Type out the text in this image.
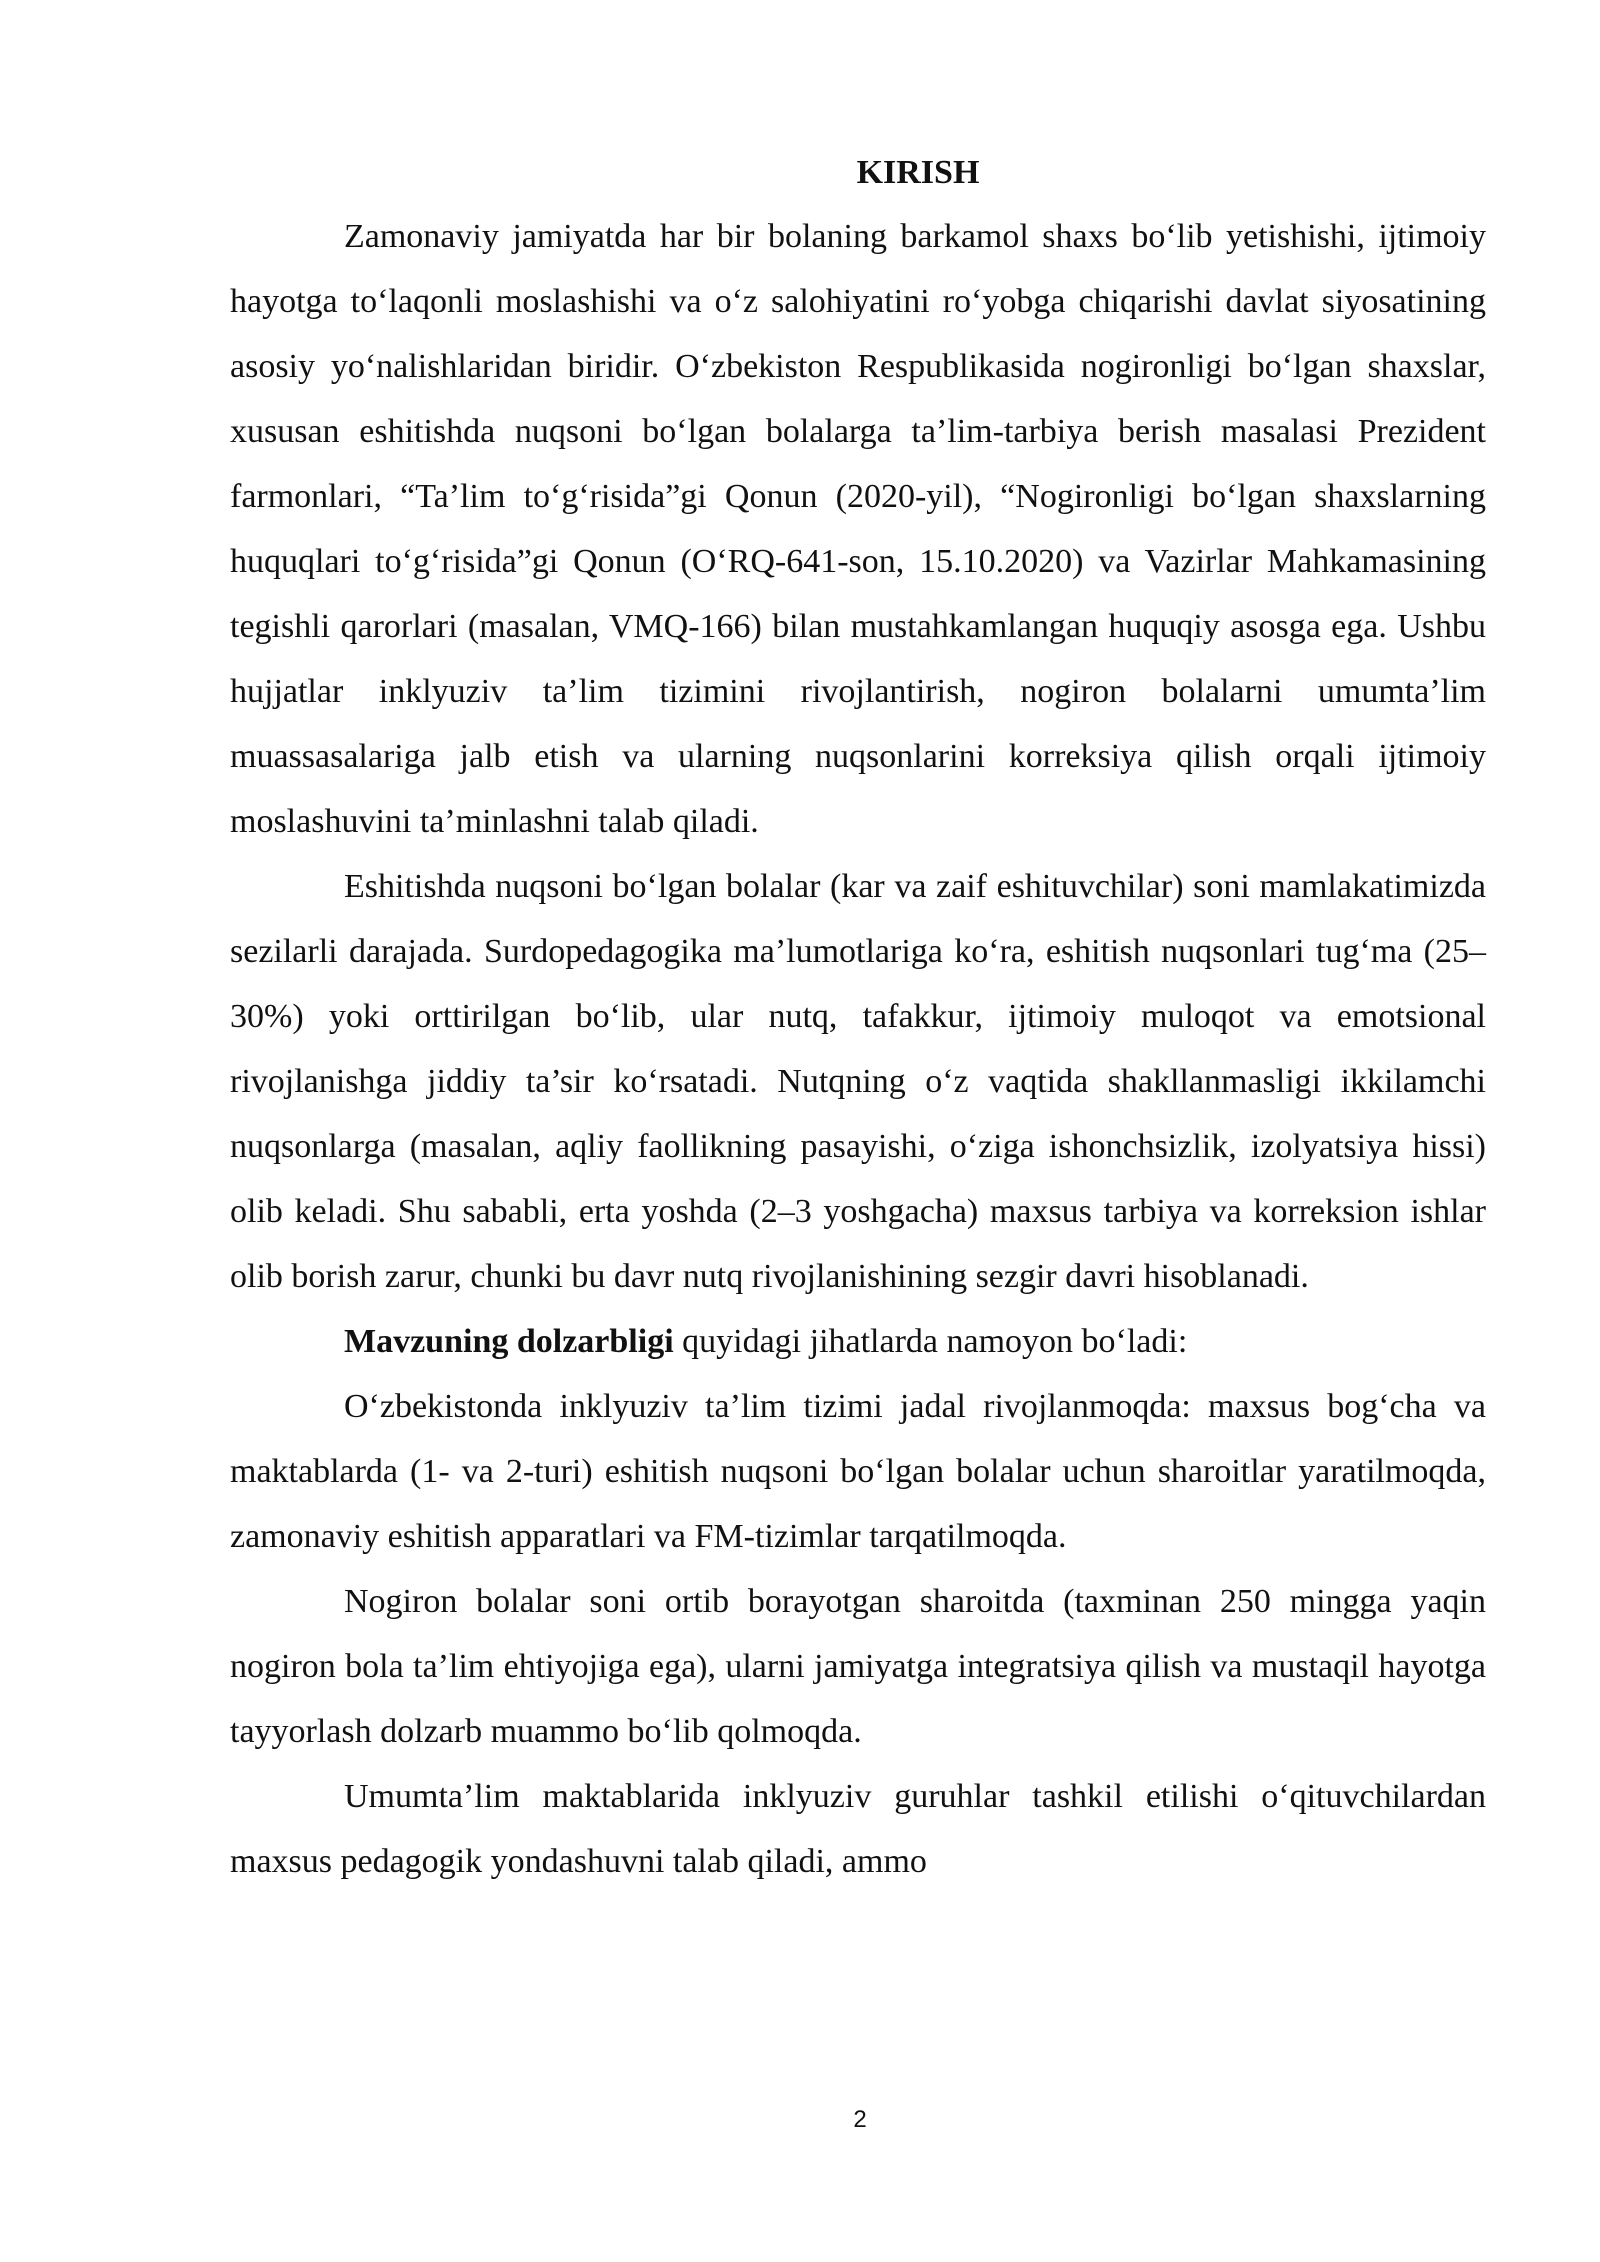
KIRISH

Zamonaviy jamiyatda har bir bolaning barkamol shaxs bo‘lib yetishishi, ijtimoiy hayotga to‘laqonli moslashishi va o‘z salohiyatini ro‘yobga chiqarishi davlat siyosatining asosiy yo‘nalishlaridan biridir. O‘zbekiston Respublikasida nogironligi bo‘lgan shaxslar, xususan eshitishda nuqsoni bo‘lgan bolalarga ta’lim-tarbiya berish masalasi Prezident farmonlari, “Ta’lim to‘g‘risida”gi Qonun (2020-yil), “Nogironligi bo‘lgan shaxslarning huquqlari to‘g‘risida”gi Qonun (O‘RQ-641-son, 15.10.2020) va Vazirlar Mahkamasining tegishli qarorlari (masalan, VMQ-166) bilan mustahkamlangan huquqiy asosga ega. Ushbu hujjatlar inklyuziv ta’lim tizimini rivojlantirish, nogiron bolalarni umumta’lim muassasalariga jalb etish va ularning nuqsonlarini korreksiya qilish orqali ijtimoiy moslashuvini ta’minlashni talab qiladi.

Eshitishda nuqsoni bo‘lgan bolalar (kar va zaif eshituvchilar) soni mamlakatimizda sezilarli darajada. Surdopedagogika ma’lumotlariga ko‘ra, eshitish nuqsonlari tug‘ma (25–30%) yoki orttirilgan bo‘lib, ular nutq, tafakkur, ijtimoiy muloqot va emotsional rivojlanishga jiddiy ta’sir ko‘rsatadi. Nutqning o‘z vaqtida shakllanmasligi ikkilamchi nuqsonlarga (masalan, aqliy faollikning pasayishi, o‘ziga ishonchsizlik, izolyatsiya hissi) olib keladi. Shu sababli, erta yoshda (2–3 yoshgacha) maxsus tarbiya va korreksion ishlar olib borish zarur, chunki bu davr nutq rivojlanishining sezgir davri hisoblanadi.

Mavzuning dolzarbligi quyidagi jihatlarda namoyon bo‘ladi:

O‘zbekistonda inklyuziv ta’lim tizimi jadal rivojlanmoqda: maxsus bog‘cha va maktablarda (1- va 2-turi) eshitish nuqsoni bo‘lgan bolalar uchun sharoitlar yaratilmoqda, zamonaviy eshitish apparatlari va FM-tizimlar tarqatilmoqda.

Nogiron bolalar soni ortib borayotgan sharoitda (taxminan 250 mingga yaqin nogiron bola ta’lim ehtiyojiga ega), ularni jamiyatga integratsiya qilish va mustaqil hayotga tayyorlash dolzarb muammo bo‘lib qolmoqda.

Umumta’lim maktablarida inklyuziv guruhlar tashkil etilishi o‘qituvchilardan maxsus pedagogik yondashuvni talab qiladi, ammo

2
